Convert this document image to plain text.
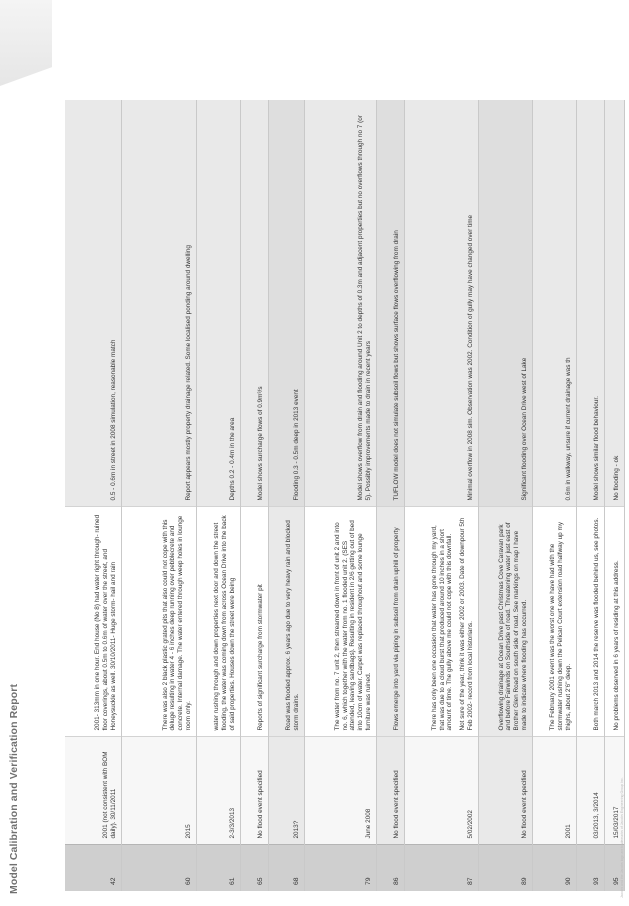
Model Calibration and Verification Report	42	2001 (not consistent with BOM daily). 30/11/2011	2001- 313mm in one hour. End house (No 8) had water right through- ruined floor coverings, about 0.5m to 0.6m of water over the street, and Honeysuckle as well. 30/10/2011- Huge storm- hail and rain	0.5 - 0.6m in street in 2008 simulation, reasonable match
60	2015	There was also 2 black plastic grated pits that also could not cope with this deluge resulting in water 4 - 6 inches deep running over pebblecrete and concrete. Internal damage. The water entered through weep holes in lounge room only.	Report appears mostly property drainage related. Some localised ponding around dwelling
61	2-3/3/2013	water rushing through and down properties next door and down the street flooding, the water was coming down from across Ocean Drive into the back of said properties. Houses down the street were being	Depths 0.2 - 0.4m in the area
65	No flood event specified	Reports of significant surcharge from stormwater pit	Model shows surcharge flows of 0.9m³/s
68	2013?	Road was flooded approx. 6 years ago due to very heavy rain and blocked storm drains.	Flooding 0.3 - 0.5m deep in 2013 event
79	June 2008	The water from no. 7 unit 2, then streamed down in front of unit 2 and into no. 6, which together with the water from no. 1 flooded unit 2. (SES attended, leaving sandbags). Resulting in resident in 2/6 getting out of bed into 10cm of water. Carpet was replaced throughout and some lounge furniture was ruined.	Model shows overflow from drain and flooding around Unit 2 to depths of 0.3m and adjacent properties but no overflows through no 7 (or 5). Possibly improvements made to drain in recent years
86	No flood event specified	Flows emerge into yard via piping in subsoil from drain uphill of property	TUFLOW model does not simulate subsoil flows but shows surface flows overflowing from drain
87	5/02/2002	There has only been one occasion that water has gone through my yard, that was due to a cloud burst that produced around 10 inches in a short amount of time. The gully above me could not cope with this downfall. Not sure of the year, think it was either 2002 or 2003. Date of downpour 5th Feb 2002- record from local historians.	Minimal overflow in 2008 sim. Observation was 2002. Condition of gully may have changed over time
89	No flood event specified	Overflowing drainage at Ocean Drive past Christmas Cove Caravan park and before Fairwinds on Southside of road. Threatening water just east of Brother Glen Road on south side of road. See markings on map I have made to indicate where flooding has occurred.	Significant flooding over Ocean Drive west of Lake
90	2001	The February 2001 event was the worst one we have had with the stormwater rushing down the Pelican Court extension road halfway up my thighs, about 2'6" deep.	0.6m in walkway, unsure if current drainage was th
93	03/2013, 3/2014	Both march 2013 and 2014 the reserve was flooded behind us, see photos.	Model shows similar flood behaviour.
95	15/03/2017	No problems observed in 6 years of residing at this address.	No flooding - ok
Jacobs and the Jacobs logo are trademarks of Jacobs Engineering Group Inc.
